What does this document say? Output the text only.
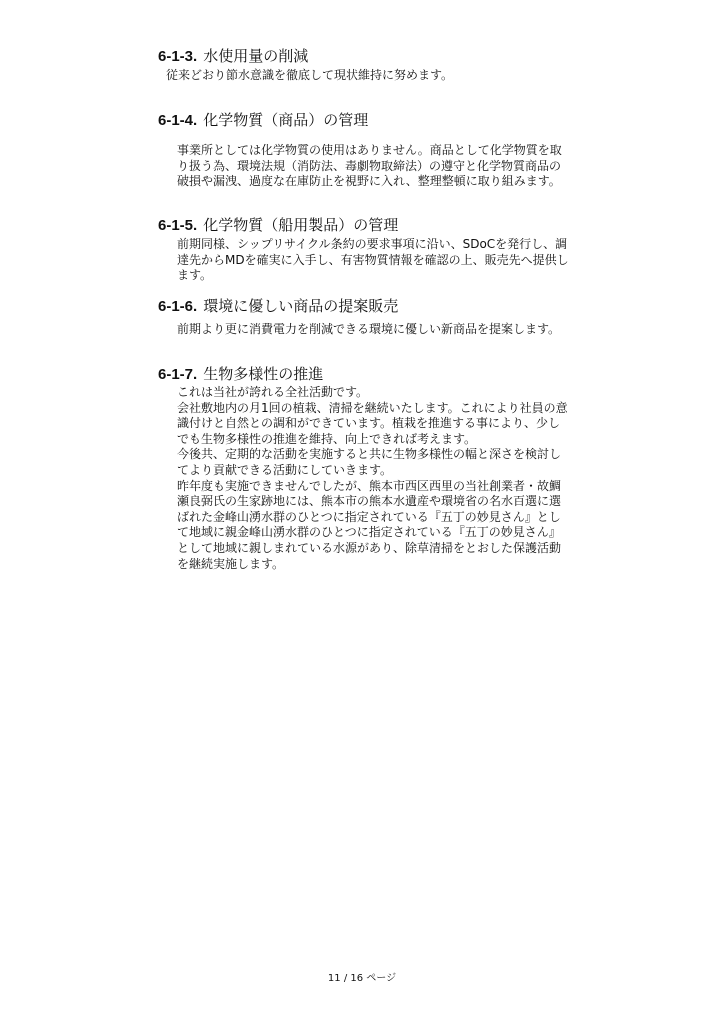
6-1-3. 水使用量の削減
従来どおり節水意識を徹底して現状維持に努めます。
6-1-4. 化学物質（商品）の管理
事業所としては化学物質の使用はありません。商品として化学物質を取
り扱う為、環境法規（消防法、毒劇物取締法）の遵守と化学物質商品の
破損や漏洩、過度な在庫防止を視野に入れ、整理整頓に取り組みます。
6-1-5. 化学物質（船用製品）の管理
前期同様、シップリサイクル条約の要求事項に沿い、SDoCを発行し、調
達先からMDを確実に入手し、有害物質情報を確認の上、販売先へ提供し
ます。
6-1-6. 環境に優しい商品の提案販売
前期より更に消費電力を削減できる環境に優しい新商品を提案します。
6-1-7. 生物多様性の推進
これは当社が誇れる全社活動です。
会社敷地内の月1回の植栽、清掃を継続いたします。これにより社員の意
識付けと自然との調和ができています。植栽を推進する事により、少し
でも生物多様性の推進を維持、向上できれば考えます。
今後共、定期的な活動を実施すると共に生物多様性の幅と深さを検討し
てより貢献できる活動にしていきます。
昨年度も実施できませんでしたが、熊本市西区西里の当社創業者・故鯛
瀬良弼氏の生家跡地には、熊本市の熊本水遺産や環境省の名水百選に選
ばれた金峰山湧水群のひとつに指定されている『五丁の妙見さん』とし
て地域に親金峰山湧水群のひとつに指定されている『五丁の妙見さん』
として地域に親しまれている水源があり、除草清掃をとおした保護活動
を継続実施します。
11 / 16 ページ
